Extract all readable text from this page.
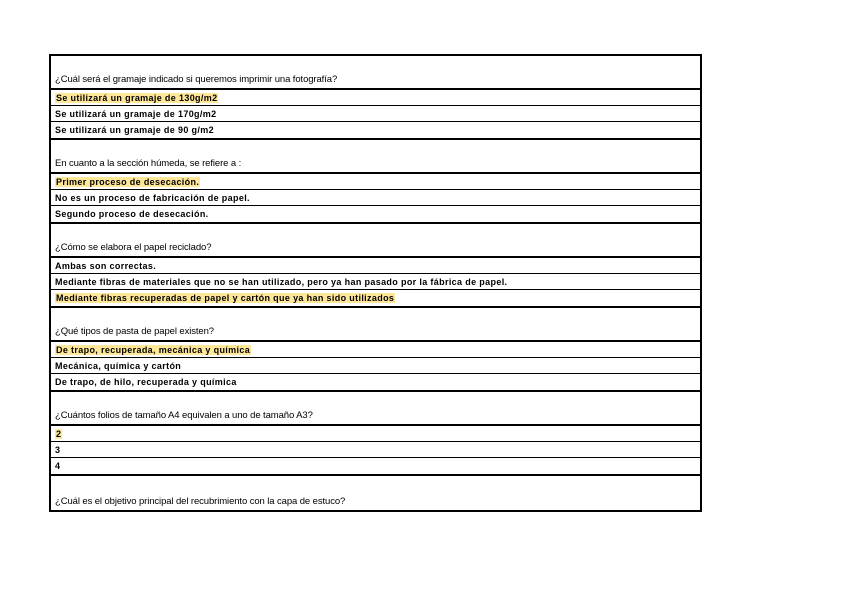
¿Cuál será el gramaje indicado si queremos imprimir una fotografía?
Se utilizará un gramaje de 130g/m2
Se utilizará un gramaje de 170g/m2
Se utilizará un gramaje de 90 g/m2
En cuanto a la sección húmeda, se refiere a :
Primer proceso de desecación.
No es un proceso de fabricación de papel.
Segundo proceso de desecación.
¿Cómo se elabora el papel reciclado?
Ambas son correctas.
Mediante fibras de materiales que no se han utilizado, pero ya han pasado por la fábrica de papel.
Mediante fibras recuperadas de papel y cartón que ya han sido utilizados
¿Qué tipos de pasta de papel existen?
De trapo, recuperada, mecánica y química
Mecánica, química y cartón
De trapo, de hilo, recuperada y química
¿Cuántos folios de tamaño A4 equivalen a uno de tamaño A3?
2
3
4
¿Cuál es el objetivo principal del recubrimiento con la capa de estuco?
